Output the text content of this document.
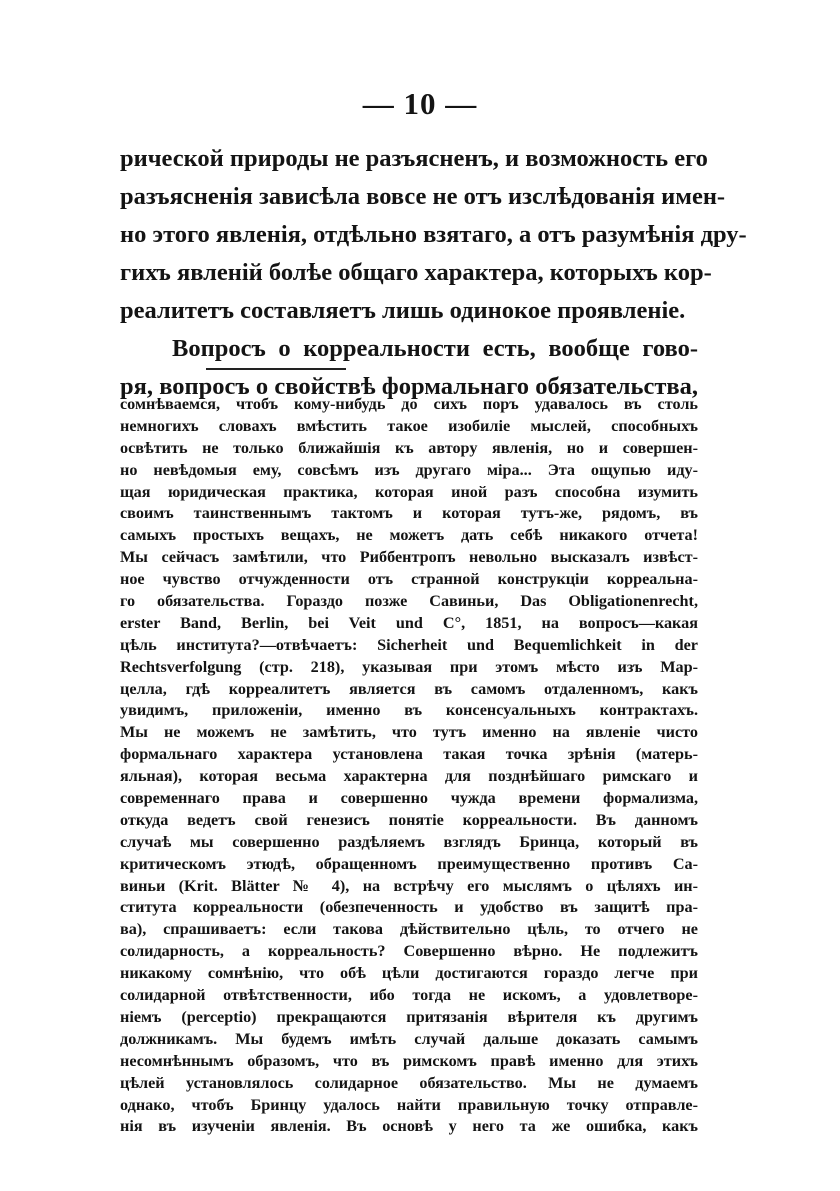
— 10 —
рической природы не разъясненъ, и возможность его
разъясненія зависѣла вовсе не отъ изслѣдованія имен-
но этого явленія, отдѣльно взятаго, а отъ разумѣнія дру-
гихъ явленій болѣе общаго характера, которыхъ кор-
реалитетъ составляетъ лишь одинокое проявленіе.
Вопросъ о корреальности есть, вообще гово-
ря, вопросъ о свойствѣ формальнаго обязательства,
сомнѣваемся, чтобъ кому-нибудь до сихъ поръ удавалось въ столь
немногихъ словахъ вмѣстить такое изобиліе мыслей, способныхъ
освѣтить не только ближайшія къ автору явленія, но и совершен-
но невѣдомыя ему, совсѣмъ изъ другаго міра... Эта ощупью иду-
щая юридическая практика, которая иной разъ способна изумить
своимъ таинственнымъ тактомъ и которая тутъ-же, рядомъ, въ
самыхъ простыхъ вещахъ, не можетъ дать себѣ никакого отчета!
Мы сейчасъ замѣтили, что Риббентропъ невольно высказалъ извѣст-
ное чувство отчужденности отъ странной конструкціи корреальна-
го обязательства. Гораздо позже Савиньи, Das Obligationenrecht,
erster Band, Berlin, bei Veit und C°, 1851, на вопросъ—какая
цѣль института?—отвѣчаетъ: Sicherheit und Bequemlichkeit in der
Rechtsverfolgung (стр. 218), указывая при этомъ мѣсто изъ Мар-
целла, гдѣ корреалитетъ является въ самомъ отдаленномъ, какъ
увидимъ, приложеніи, именно въ консенсуальныхъ контрактахъ.
Мы не можемъ не замѣтить, что тутъ именно на явленіе чисто
формальнаго характера установлена такая точка зрѣнія (матерь-
яльная), которая весьма характерна для позднѣйшаго римскаго и
современнаго права и совершенно чужда времени формализма,
откуда ведетъ свой генезисъ понятіе корреальности. Въ данномъ
случаѣ мы совершенно раздѣляемъ взглядъ Бринца, который въ
критическомъ этюдѣ, обращенномъ преимущественно противъ Са-
виньи (Krit. Blätter № 4), на встрѣчу его мыслямъ о цѣляхъ ин-
ститута корреальности (обезпеченность и удобство въ защитѣ пра-
ва), спрашиваетъ: если такова дѣйствительно цѣль, то отчего не
солидарность, а корреальность? Совершенно вѣрно. Не подлежитъ
никакому сомнѣнію, что обѣ цѣли достигаются гораздо легче при
солидарной отвѣтственности, ибо тогда не искомъ, а удовлетворе-
ніемъ (perceptio) прекращаются притязанія вѣрителя къ другимъ
должникамъ. Мы будемъ имѣть случай дальше доказать самымъ
несомнѣннымъ образомъ, что въ римскомъ правѣ именно для этихъ
цѣлей установлялось солидарное обязательство. Мы не думаемъ
однако, чтобъ Бринцу удалось найти правильную точку отправле-
нія въ изученіи явленія. Въ основѣ у него та же ошибка, какъ
